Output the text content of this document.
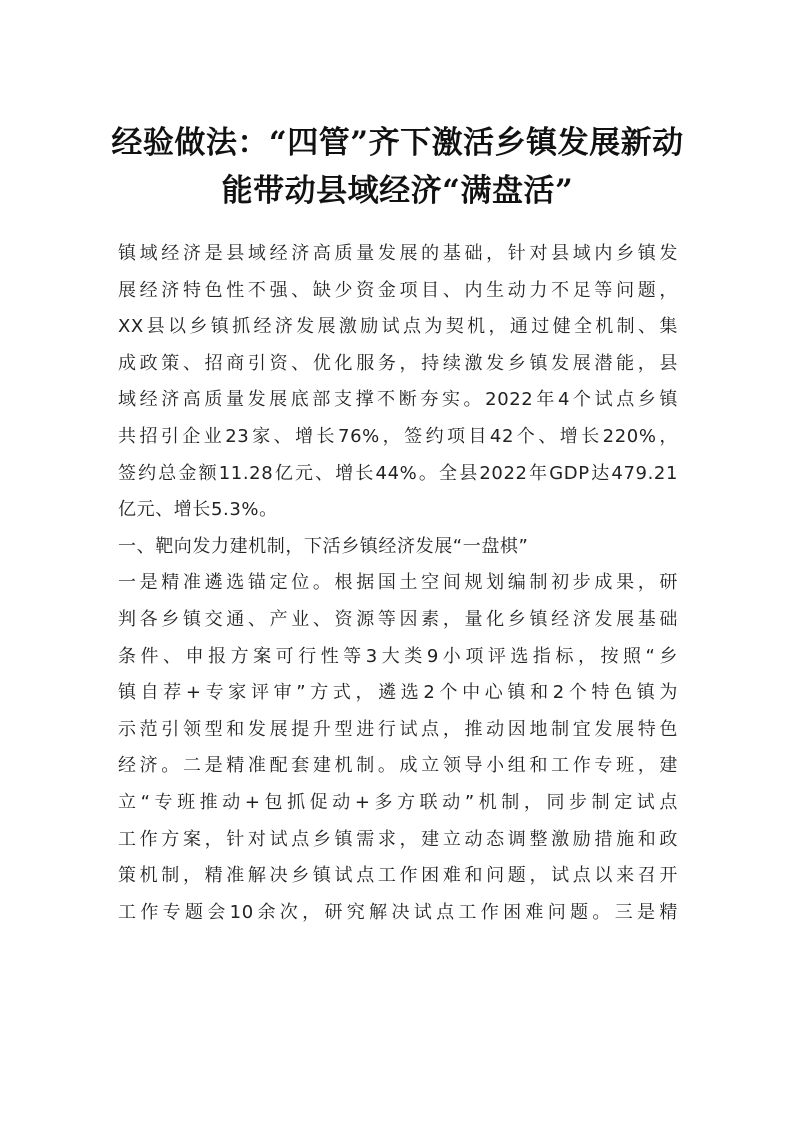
经验做法：“四管”齐下激活乡镇发展新动
能带动县域经济“满盘活”
镇域经济是县域经济高质量发展的基础，针对县域内乡镇发
展经济特色性不强、缺少资金项目、内生动力不足等问题，
XX县以乡镇抓经济发展激励试点为契机，通过健全机制、集
成政策、招商引资、优化服务，持续激发乡镇发展潜能，县
域经济高质量发展底部支撑不断夯实。2022年4个试点乡镇
共招引企业23家、增长76%，签约项目42个、增长220%，
签约总金额11.28亿元、增长44%。全县2022年GDP达479.21
亿元、增长5.3%。
一、靶向发力建机制，下活乡镇经济发展“一盘棋”
一是精准遴选锚定位。根据国土空间规划编制初步成果，研
判各乡镇交通、产业、资源等因素，量化乡镇经济发展基础
条件、申报方案可行性等3大类9小项评选指标，按照“乡
镇自荐+专家评审”方式，遴选2个中心镇和2个特色镇为
示范引领型和发展提升型进行试点，推动因地制宜发展特色
经济。二是精准配套建机制。成立领导小组和工作专班，建
立“专班推动+包抓促动+多方联动”机制，同步制定试点
工作方案，针对试点乡镇需求，建立动态调整激励措施和政
策机制，精准解决乡镇试点工作困难和问题，试点以来召开
工作专题会10余次，研究解决试点工作困难问题。三是精
